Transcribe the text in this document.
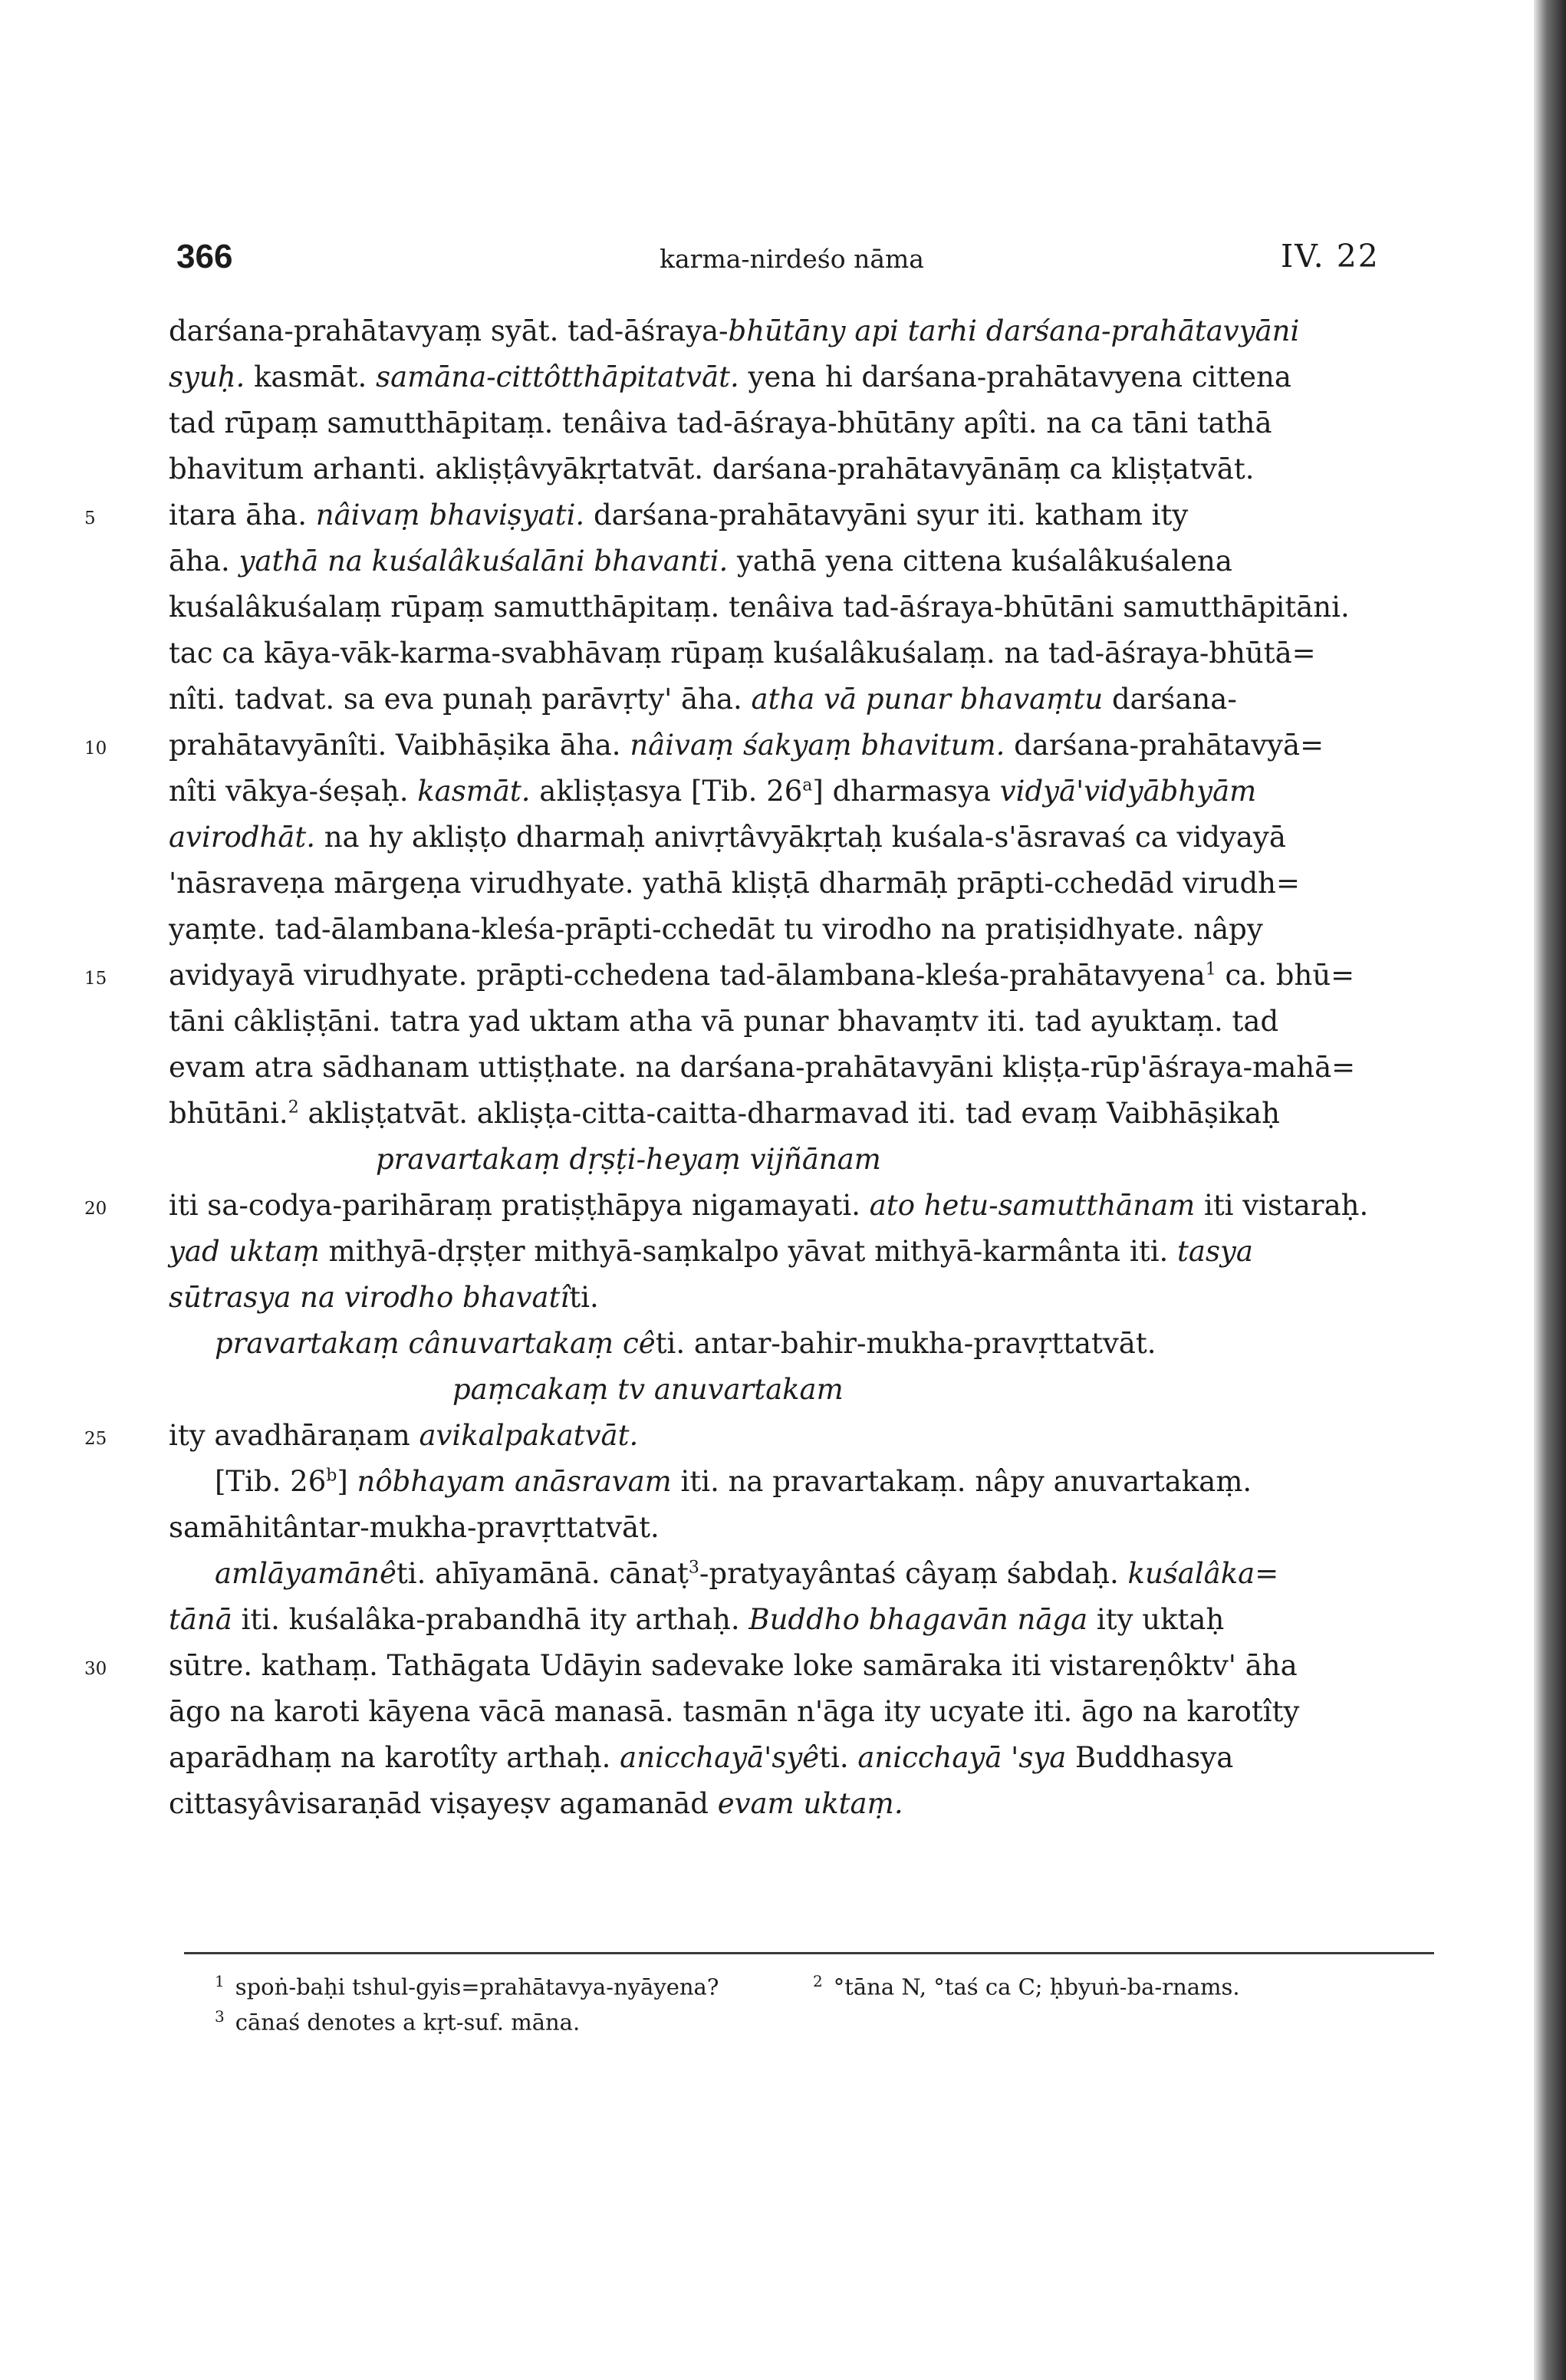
366	karma-nirdeśo nāma	IV. 22
darśana-prahātavyaṃ syāt. tad-āśraya-bhūtāny api tarhi darśana-prahātavyāni
syuḥ. kasmāt. samāna-cittôtthāpitatvāt. yena hi darśana-prahātavyena cittena
tad rūpaṃ samutthāpitaṃ. tenâiva tad-āśraya-bhūtāny apîti. na ca tāni tathā
bhavitum arhanti. akliṣṭâvyākṛtatvāt. darśana-prahātavyānāṃ ca kliṣṭatvāt.
5	itara āha. nâivaṃ bhaviṣyati. darśana-prahātavyāni syur iti. katham ity
āha. yathā na kuśalâkuśalāni bhavanti. yathā yena cittena kuśalâkuśalena
kuśalâkuśalaṃ rūpaṃ samutthāpitaṃ. tenâiva tad-āśraya-bhūtāni samutthāpitāni.
tac ca kāya-vāk-karma-svabhāvaṃ rūpaṃ kuśalâkuśalaṃ. na tad-āśraya-bhūtā=
nîti. tadvat. sa eva punaḥ parāvṛty' āha. atha vā punar bhavaṃtu darśana-
10	prahātavyānîti. Vaibhāṣika āha. nâivaṃ śakyaṃ bhavitum. darśana-prahātavyā=
nîti vākya-śeṣaḥ. kasmāt. akliṣṭasya [Tib. 26$^a$] dharmasya vidyā'vidyābhyām
avirodhāt. na hy akliṣṭo dharmaḥ anivṛtâvyākṛtaḥ kuśala-s'āsravaś ca vidyayā
'nāsraveṇa mārgeṇa virudhyate. yathā kliṣṭā dharmāḥ prāpti-cchedād virudh=
yaṃte. tad-ālambana-kleśa-prāpti-cchedāt tu virodho na pratiṣidhyate. nâpy
15	avidyayā virudhyate. prāpti-cchedena tad-ālambana-kleśa-prahātavyena$^1$ ca. bhū=
tāni câkliṣṭāni. tatra yad uktam atha vā punar bhavaṃtv iti. tad ayuktaṃ. tad
evam atra sādhanam uttiṣṭhate. na darśana-prahātavyāni kliṣṭa-rūp'āśraya-mahā=
bhūtāni.$^2$ akliṣṭatvāt. akliṣṭa-citta-caitta-dharmavad iti. tad evaṃ Vaibhāṣikaḥ
pravartakaṃ dṛṣṭi-heyaṃ vijñānam
20	iti sa-codya-parihāraṃ pratiṣṭhāpya nigamayati. ato hetu-samutthānam iti vistaraḥ.
yad uktaṃ mithyā-dṛṣṭer mithyā-saṃkalpo yāvat mithyā-karmânta iti. tasya
sūtrasya na virodho bhavatîti.
pravartakaṃ cânuvartakaṃ cêti. antar-bahir-mukha-pravṛttatvāt.
paṃcakaṃ tv anuvartakam
25	ity avadhāraṇam avikalpakatvāt.
[Tib. 26$^b$] nôbhayam anāsravam iti. na pravartakaṃ. nâpy anuvartakaṃ.
samāhitântar-mukha-pravṛttatvāt.
amlāyamānêti. ahīyamānā. cānaṭ$^3$-pratyayântaś câyaṃ śabdaḥ. kuśalâka=
tānā iti. kuśalâka-prabandhā ity arthaḥ. Buddho bhagavān nāga ity uktaḥ
30	sūtre. kathaṃ. Tathāgata Udāyin sadevake loke samāraka iti vistareṇôktv' āha
āgo na karoti kāyena vācā manasā. tasmān n'āga ity ucyate iti. āgo na karotîty
aparādhaṃ na karotîty arthaḥ. anicchayā'syêti. anicchayā 'sya Buddhasya
cittasyâvisaraṇād viṣayeṣv agamanād evam uktaṃ.
$^1$ spoṅ-baḥi tshul-gyis=prahātavya-nyāyena?	$^2$ °tāna N, °taś ca C; ḥbyuṅ-ba-rnams.
$^3$ cānaś denotes a kṛt-suf. māna.
